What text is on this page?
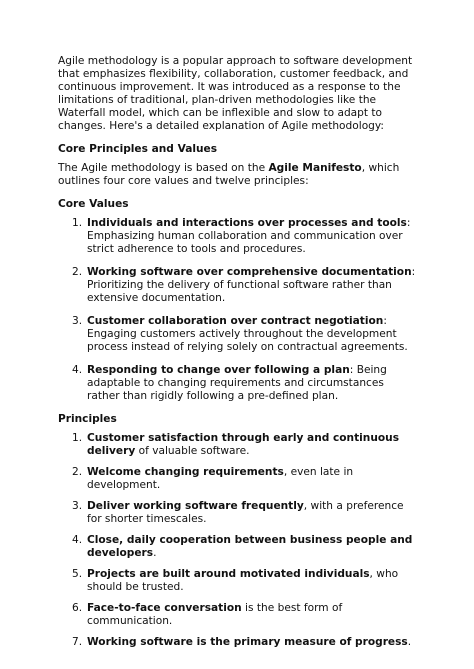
Agile methodology is a popular approach to software development that emphasizes flexibility, collaboration, customer feedback, and continuous improvement. It was introduced as a response to the limitations of traditional, plan-driven methodologies like the Waterfall model, which can be inflexible and slow to adapt to changes. Here's a detailed explanation of Agile methodology:

Core Principles and Values

The Agile methodology is based on the Agile Manifesto, which outlines four core values and twelve principles:

Core Values
1. Individuals and interactions over processes and tools: Emphasizing human collaboration and communication over strict adherence to tools and procedures.
2. Working software over comprehensive documentation: Prioritizing the delivery of functional software rather than extensive documentation.
3. Customer collaboration over contract negotiation: Engaging customers actively throughout the development process instead of relying solely on contractual agreements.
4. Responding to change over following a plan: Being adaptable to changing requirements and circumstances rather than rigidly following a pre-defined plan.
Principles
1. Customer satisfaction through early and continuous delivery of valuable software.
2. Welcome changing requirements, even late in development.
3. Deliver working software frequently, with a preference for shorter timescales.
4. Close, daily cooperation between business people and developers.
5. Projects are built around motivated individuals, who should be trusted.
6. Face-to-face conversation is the best form of communication.
7. Working software is the primary measure of progress.
